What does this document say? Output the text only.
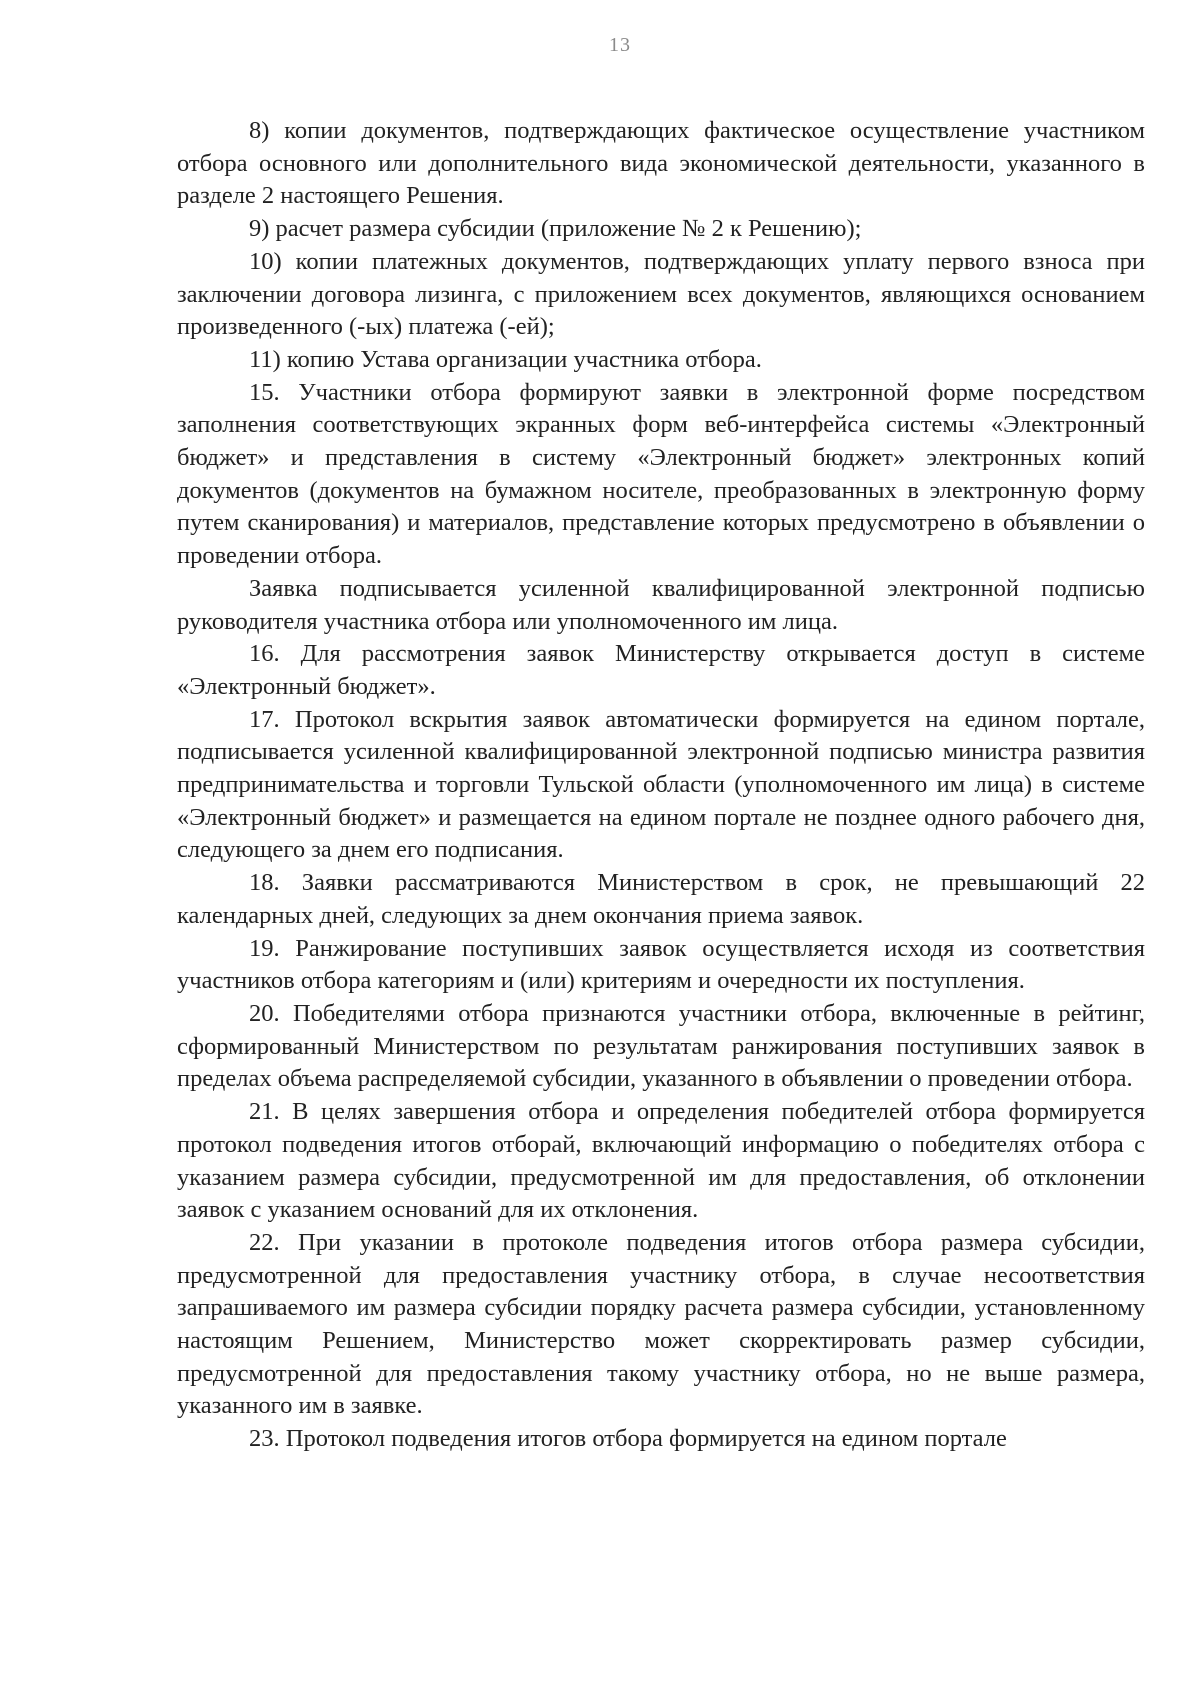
13

8) копии документов, подтверждающих фактическое осуществление участником отбора основного или дополнительного вида экономической деятельности, указанного в разделе 2 настоящего Решения.

9) расчет размера субсидии (приложение № 2 к Решению);

10) копии платежных документов, подтверждающих уплату первого взноса при заключении договора лизинга, с приложением всех документов, являющихся основанием произведенного (-ых) платежа (-ей);

11) копию Устава организации участника отбора.

15. Участники отбора формируют заявки в электронной форме посредством заполнения соответствующих экранных форм веб-интерфейса системы «Электронный бюджет» и представления в систему «Электронный бюджет» электронных копий документов (документов на бумажном носителе, преобразованных в электронную форму путем сканирования) и материалов, представление которых предусмотрено в объявлении о проведении отбора.

Заявка подписывается усиленной квалифицированной электронной подписью руководителя участника отбора или уполномоченного им лица.

16. Для рассмотрения заявок Министерству открывается доступ в системе «Электронный бюджет».

17. Протокол вскрытия заявок автоматически формируется на едином портале, подписывается усиленной квалифицированной электронной подписью министра развития предпринимательства и торговли Тульской области (уполномоченного им лица) в системе «Электронный бюджет» и размещается на едином портале не позднее одного рабочего дня, следующего за днем его подписания.

18. Заявки рассматриваются Министерством в срок, не превышающий 22 календарных дней, следующих за днем окончания приема заявок.

19. Ранжирование поступивших заявок осуществляется исходя из соответствия участников отбора категориям и (или) критериям и очередности их поступления.

20. Победителями отбора признаются участники отбора, включенные в рейтинг, сформированный Министерством по результатам ранжирования поступивших заявок в пределах объема распределяемой субсидии, указанного в объявлении о проведении отбора.

21. В целях завершения отбора и определения победителей отбора формируется протокол подведения итогов отборай, включающий информацию о победителях отбора с указанием размера субсидии, предусмотренной им для предоставления, об отклонении заявок с указанием оснований для их отклонения.

22. При указании в протоколе подведения итогов отбора размера субсидии, предусмотренной для предоставления участнику отбора, в случае несоответствия запрашиваемого им размера субсидии порядку расчета размера субсидии, установленному настоящим Решением, Министерство может скорректировать размер субсидии, предусмотренной для предоставления такому участнику отбора, но не выше размера, указанного им в заявке.

23. Протокол подведения итогов отбора формируется на едином портале
